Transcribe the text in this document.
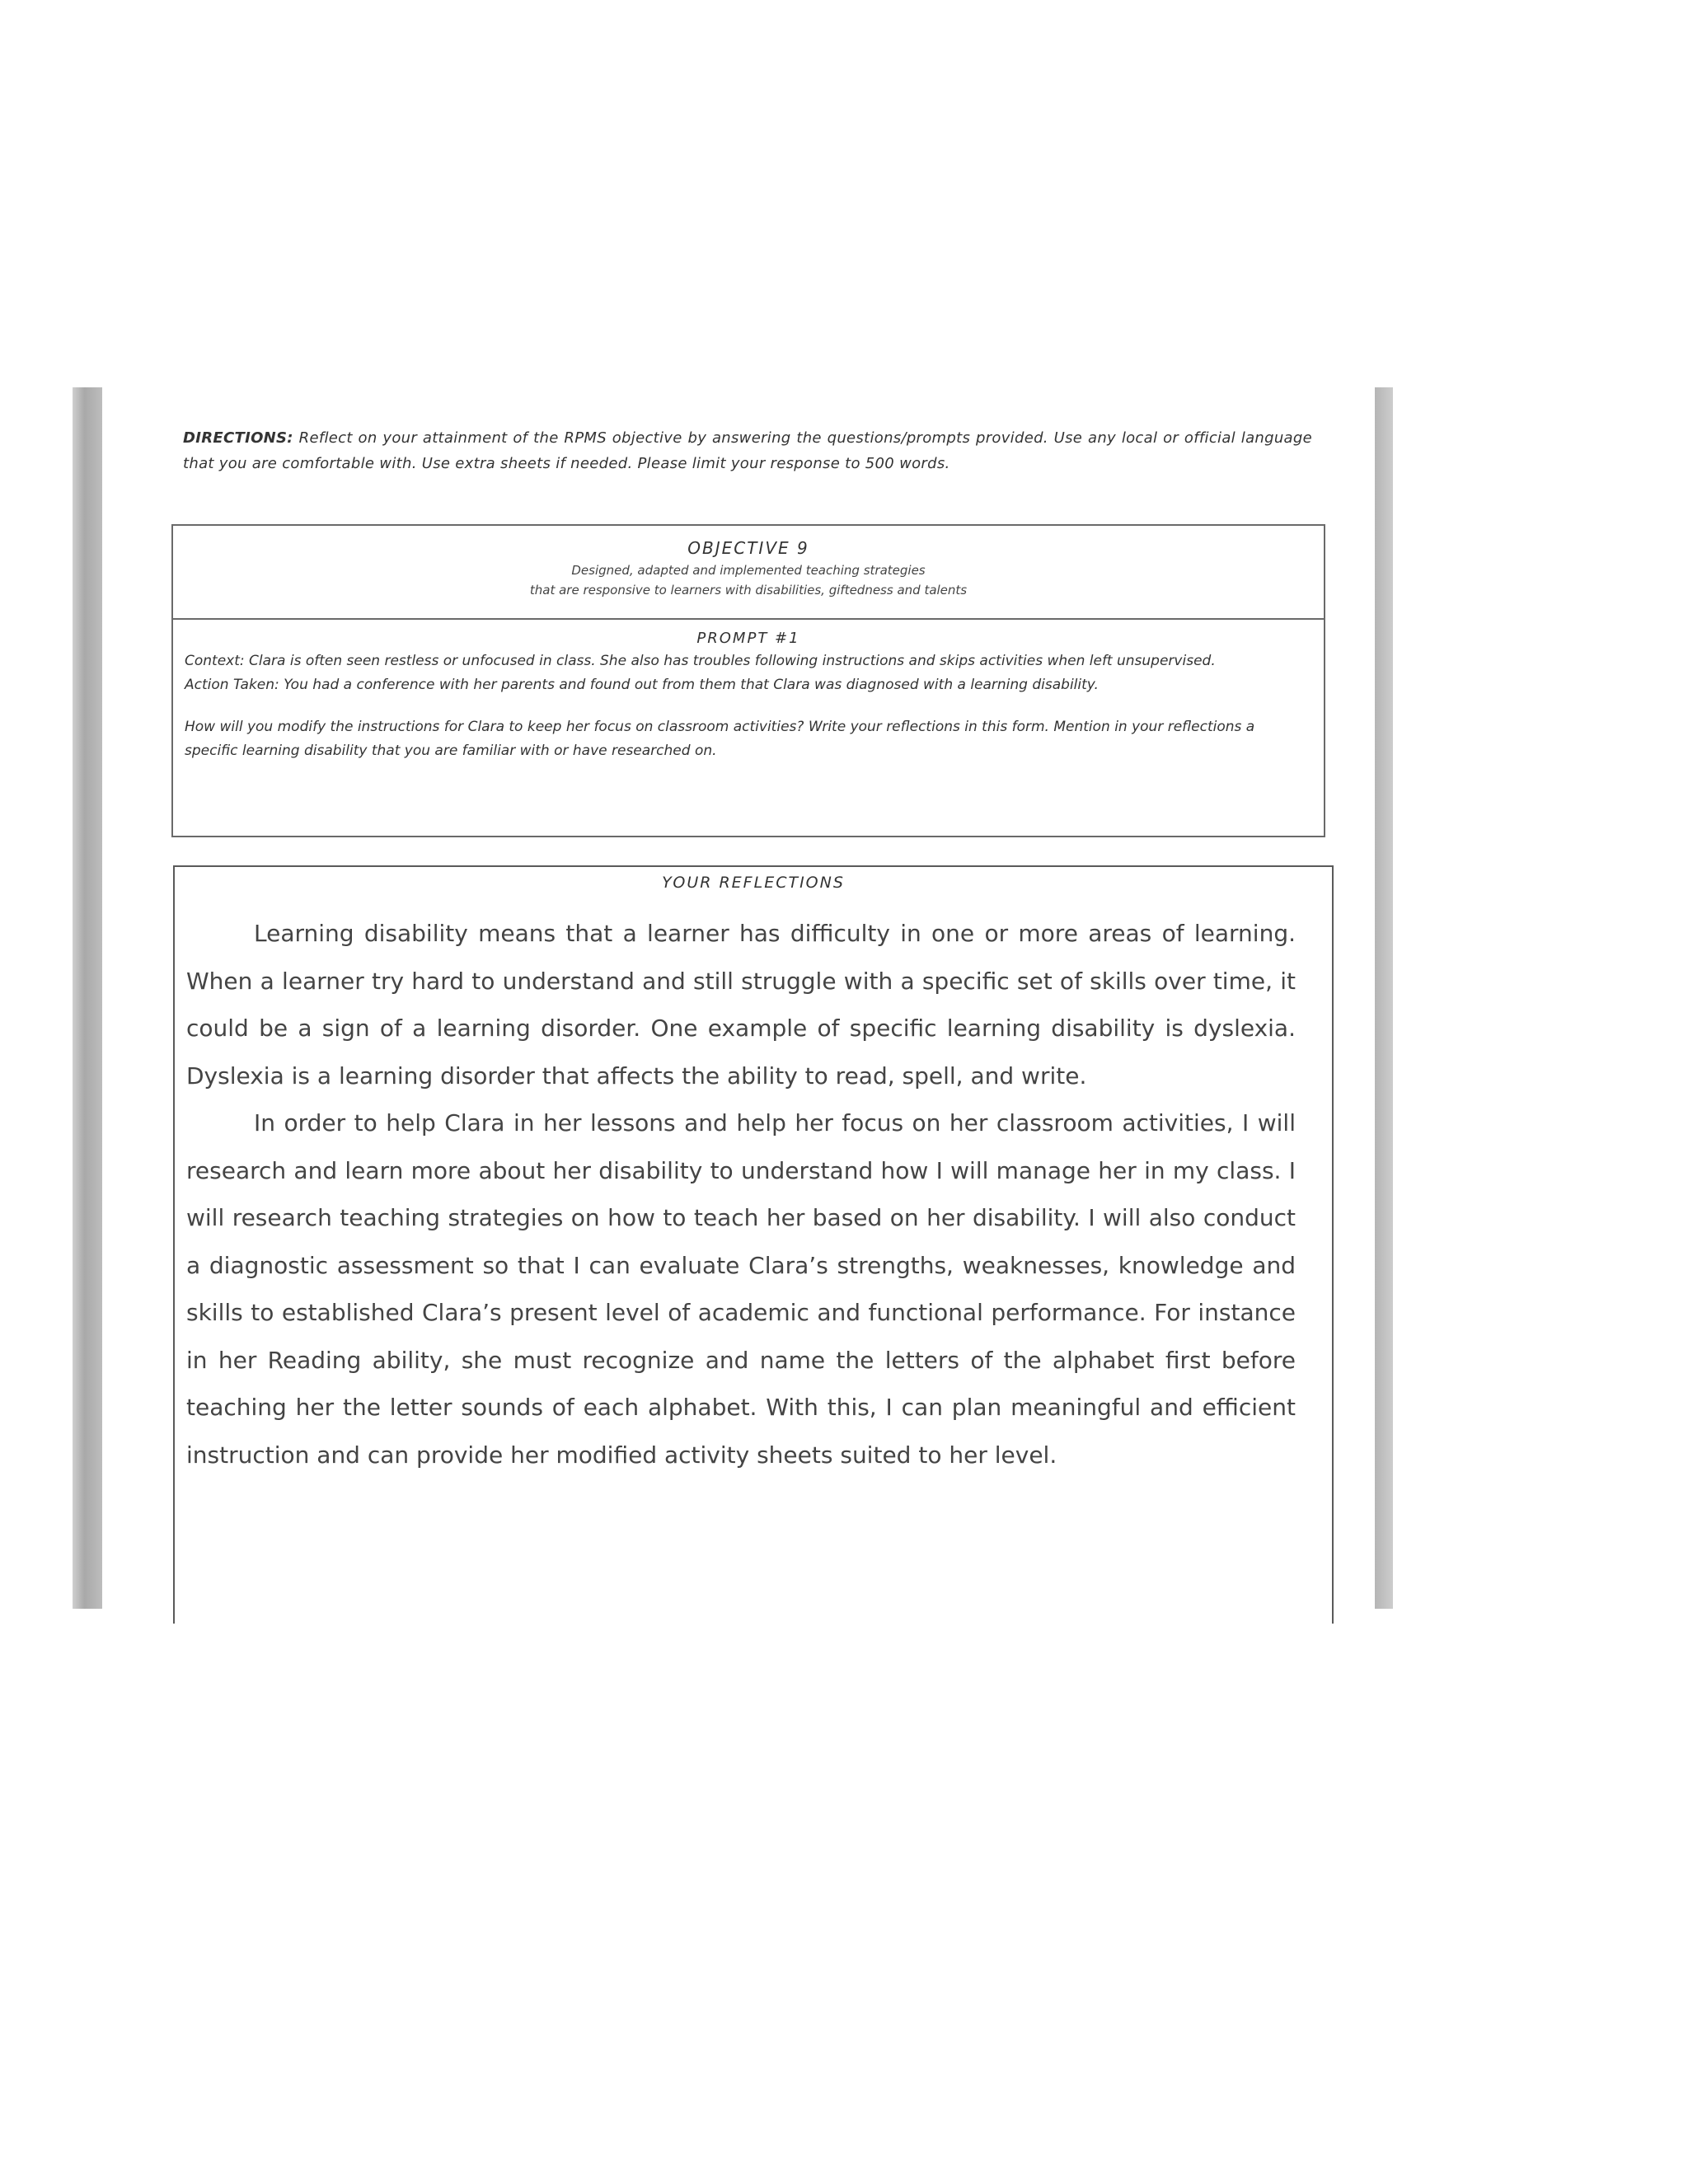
DIRECTIONS: Reflect on your attainment of the RPMS objective by answering the questions/prompts provided. Use any local or official language that you are comfortable with. Use extra sheets if needed. Please limit your response to 500 words.
OBJECTIVE 9
Designed, adapted and implemented teaching strategies
that are responsive to learners with disabilities, giftedness and talents
PROMPT #1
Context: Clara is often seen restless or unfocused in class. She also has troubles following instructions and skips activities when left unsupervised.
Action Taken: You had a conference with her parents and found out from them that Clara was diagnosed with a learning disability.
How will you modify the instructions for Clara to keep her focus on classroom activities? Write your reflections in this form. Mention in your reflections a specific learning disability that you are familiar with or have researched on.
YOUR REFLECTIONS

Learning disability means that a learner has difficulty in one or more areas of learning. When a learner try hard to understand and still struggle with a specific set of skills over time, it could be a sign of a learning disorder. One example of specific learning disability is dyslexia. Dyslexia is a learning disorder that affects the ability to read, spell, and write.

In order to help Clara in her lessons and help her focus on her classroom activities, I will research and learn more about her disability to understand how I will manage her in my class. I will research teaching strategies on how to teach her based on her disability. I will also conduct a diagnostic assessment so that I can evaluate Clara’s strengths, weaknesses, knowledge and skills to established Clara’s present level of academic and functional performance. For instance in her Reading ability, she must recognize and name the letters of the alphabet first before teaching her the letter sounds of each alphabet. With this, I can plan meaningful and efficient instruction and can provide her modified activity sheets suited to her level.
